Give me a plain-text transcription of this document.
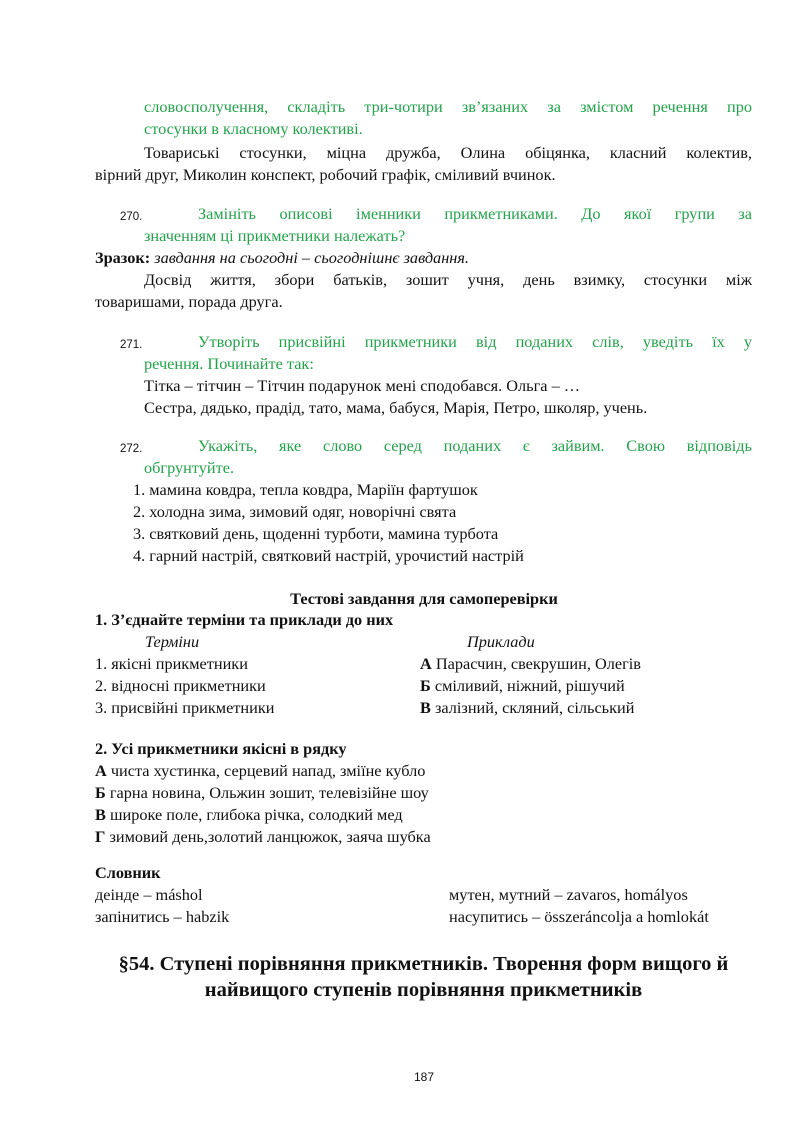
словосполучення, складіть три-чотири зв’язаних за змістом речення про
стосунки в класному колективі.
Товариські стосунки, міцна дружба, Олина обіцянка, класний колектив,
вірний друг, Миколин конспект, робочий графік, сміливий вчинок.
270.	Замініть описові іменники прикметниками. До якої групи за
значенням ці прикметники належать?
Зразок: завдання на сьогодні – сьогоднішнє завдання.
Досвід життя, збори батьків, зошит учня, день взимку, стосунки між
товаришами, порада друга.
271.	Утворіть присвійні прикметники від поданих слів, уведіть їх у
речення. Починайте так:
Тітка – тітчин – Тітчин подарунок мені сподобався. Ольга – …
Сестра, дядько, прадід, тато, мама, бабуся, Марія, Петро, школяр, учень.
272.	Укажіть, яке слово серед поданих є зайвим. Свою відповідь
обгрунтуйте.
1. мамина ковдра, тепла ковдра, Маріїн фартушок
2. холодна зима, зимовий одяг, новорічні свята
3. святковий день, щоденні турботи, мамина турбота
4. гарний настрій, святковий настрій, урочистий настрій
Тестові завдання для самоперевірки
1. З’єднайте терміни та приклади до них
Терміни	Приклади
1. якісні прикметники	А Парасчин, свекрушин, Олегів
2. відносні прикметники	Б сміливий, ніжний, рішучий
3. присвійні прикметники	В залізний, скляний, сільський
2. Усі прикметники якісні в рядку
А чиста хустинка, серцевий напад, зміїне кубло
Б гарна новина, Ольжин зошит, телевізійне шоу
В широке поле, глибока річка, солодкий мед
Г зимовий день,золотий ланцюжок, заяча шубка
Словник
деінде – máshol	мутен, мутний – zavaros, homályos
запінитись – habzik	насупитись – összeráncolja a homlokát
§54. Ступені порівняння прикметників. Творення форм вищого й
найвищого ступенів порівняння прикметників
187
